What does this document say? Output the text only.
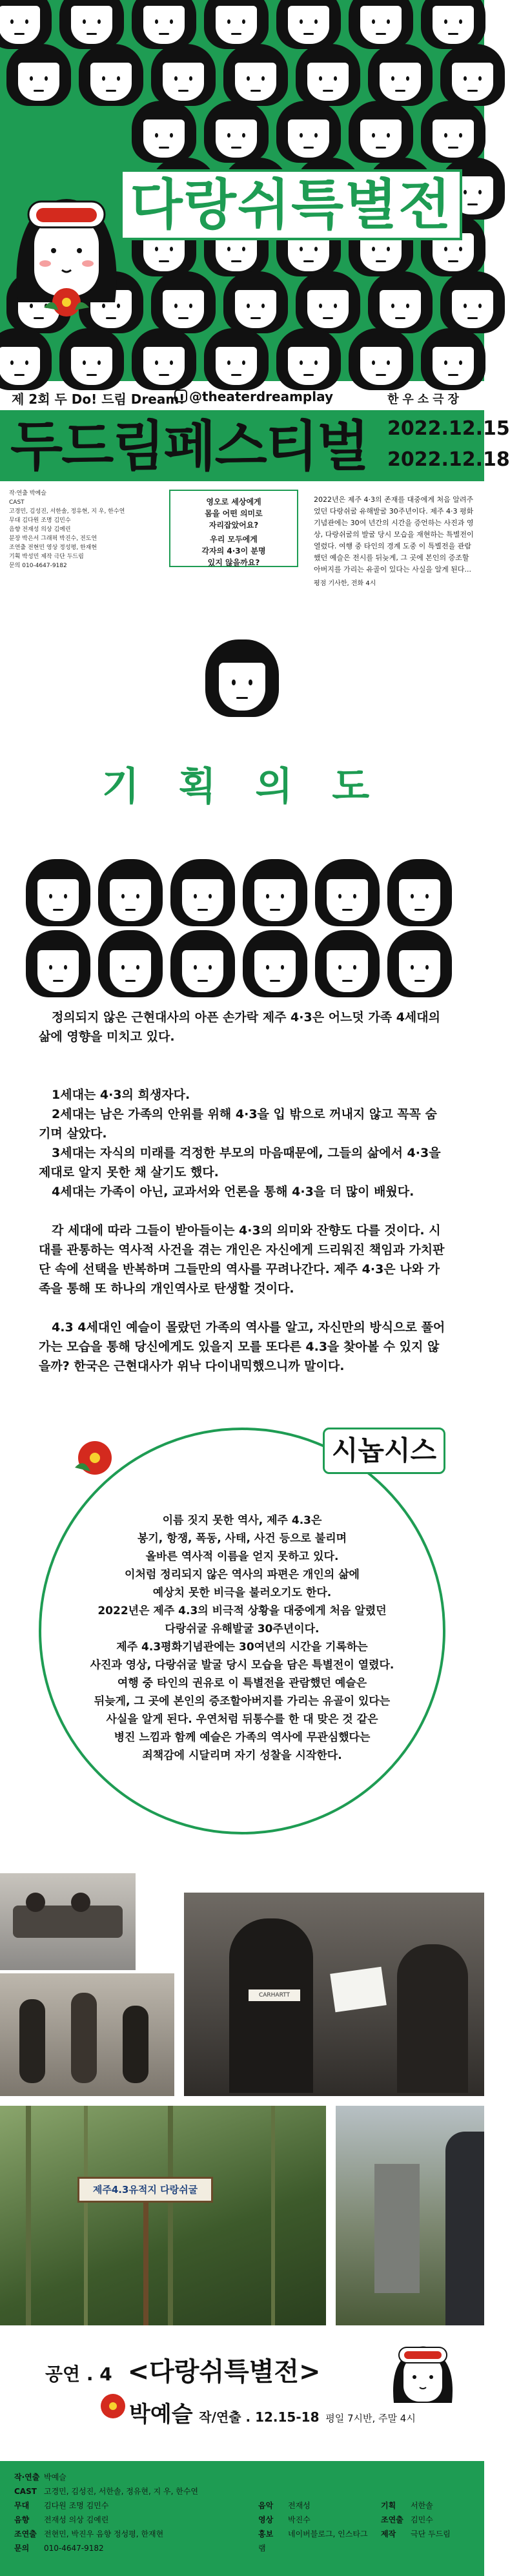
다랑쉬특별전
제 2회 두 Do! 드림 Dream! @theaterdreamplay	한우소극장
두드림페스티벌 2022.12.15
2022.12.18
작·연출 박예슬
CAST
고경민, 김성진, 서한솔, 정유현, 지 우, 한수연
무대 김다원 조명 김민수
음향 전재성 의상 김예린
분장 박은서 그래픽 박진수, 전도연
조연출 전현민 영상 정성평, 한재현
기획 박성민 제작 극단 두드림
문의 010-4647-9182
영오로 세상에게
몸을 어떤 의미로
자리잡았어요?

우리 모두에게
각자의 4·3이 분명
있지 않을까요?
2022년은 제주 4·3의 존재를 대중에게 처음 알려주었던 다랑쉬굴 유해발굴 30주년이다. 제주 4·3 평화기념관에는 30여 년간의 시간을 증언하는 사진과 영상, 다랑쉬굴의 발굴 당시 모습을 재현하는 특별전이 열렸다. 여행 중 타인의 경계 도중 이 특별전을 관람했던 예슬은 전시를 뒤늦게, 그 곳에 본인의 증조할아버지를 가리는 유골이 있다는 사실을 알게 된다...
평점 기사한, 전화 4시
기 획 의 도
정의되지 않은 근현대사의 아픈 손가락 제주 4·3은 어느덧 가족 4세대의 삶에 영향을 미치고 있다.
1세대는 4·3의 희생자다.
2세대는 남은 가족의 안위를 위해 4·3을 입 밖으로 꺼내지 않고 꼭꼭 숨기며 살았다.
3세대는 자식의 미래를 걱정한 부모의 마음때문에, 그들의 삶에서 4·3을 제대로 알지 못한 채 살기도 했다.
4세대는 가족이 아닌, 교과서와 언론을 통해 4·3을 더 많이 배웠다.
각 세대에 따라 그들이 받아들이는 4·3의 의미와 잔향도 다를 것이다. 시대를 관통하는 역사적 사건을 겪는 개인은 자신에게 드리워진 책임과 가치판단 속에 선택을 반복하며 그들만의 역사를 꾸려나간다. 제주 4·3은 나와 가족을 통해 또 하나의 개인역사로 탄생할 것이다.
4.3 4세대인 예슬이 몰랐던 가족의 역사를 알고, 자신만의 방식으로 풀어가는 모습을 통해 당신에게도 있을지 모를 또다른 4.3을 찾아볼 수 있지 않을까? 한국은 근현대사가 위낙 다이내믹했으니까 말이다.
시놉시스
이름 짓지 못한 역사, 제주 4.3은
봉기, 항쟁, 폭동, 사태, 사건 등으로 불리며
올바른 역사적 이름을 얻지 못하고 있다.
이처럼 정리되지 않은 역사의 파편은 개인의 삶에
예상치 못한 비극을 불러오기도 한다.
2022년은 제주 4.3의 비극적 상황을 대중에게 처음 알렸던
다랑쉬굴 유해발굴 30주년이다.
제주 4.3평화기념관에는 30여년의 시간을 기록하는
사진과 영상, 다랑쉬굴 발굴 당시 모습을 담은 특별전이 열렸다.
여행 중 타인의 권유로 이 특별전을 관람했던 예슬은
뒤늦게, 그 곳에 본인의 증조할아버지를 가리는 유골이 있다는
사실을 알게 된다. 우연처럼 뒤통수를 한 대 맞은 것 같은
병진 느낌과 함께 예슬은 가족의 역사에 무관심했다는
죄책감에 시달리며 자기 성찰을 시작한다.
CARHARTT
제주4.3유적지 다랑쉬굴
공연 . 4 <다랑쉬특별전>
박예슬 작/연출 . 12.15-18 평일 7시반, 주말 4시
작·연출 박예슬
CAST 고경민, 김성진, 서한솔, 정유현, 지 우, 한수연
무대 김다원 조명 김민수
음향 전재성 의상 김예린
조연출 전현민, 박진우 음향 정성평, 한재현
문의 010-4647-9182
음악 전재성
영상 박진수
홍보 네이버블로그, 인스타그램
기획 서한솔
조연출 김민수
제작 극단 두드림
